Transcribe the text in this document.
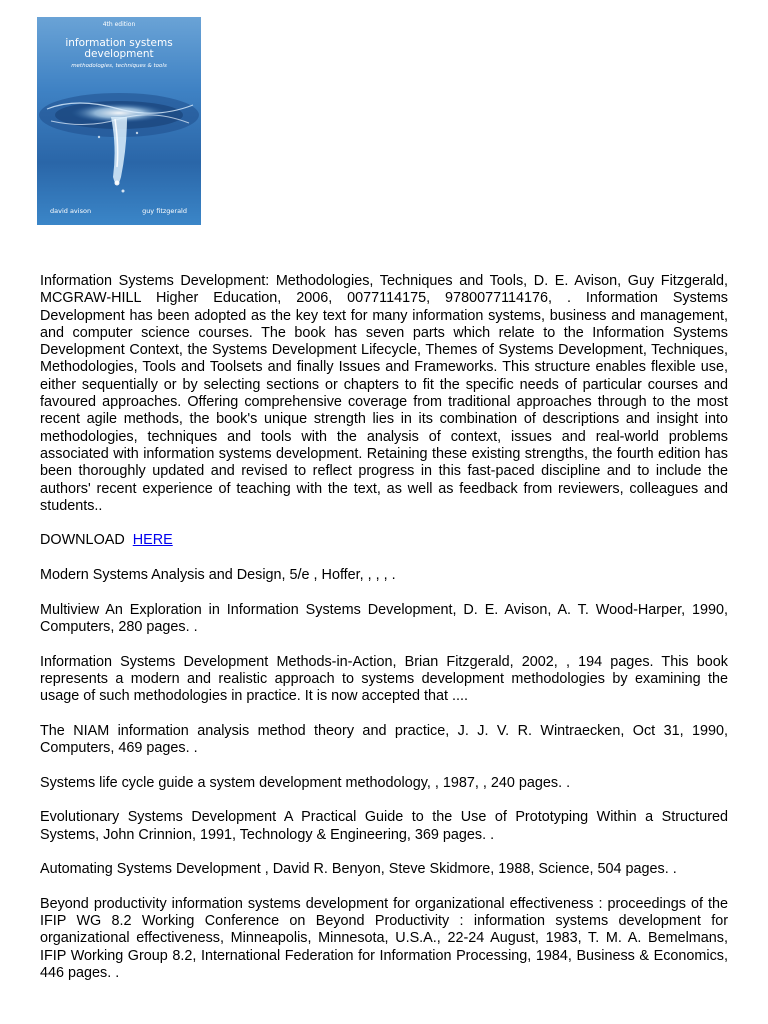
4th edition
information systems
development
methodologies, techniques & tools
david avison	guy fitzgerald

Information Systems Development: Methodologies, Techniques and Tools, D. E. Avison, Guy Fitzgerald, MCGRAW-HILL Higher Education, 2006, 0077114175, 9780077114176, . Information Systems Development has been adopted as the key text for many information systems, business and management, and computer science courses. The book has seven parts which relate to the Information Systems Development Context, the Systems Development Lifecycle, Themes of Systems Development, Techniques, Methodologies, Tools and Toolsets and finally Issues and Frameworks. This structure enables flexible use, either sequentially or by selecting sections or chapters to fit the specific needs of particular courses and favoured approaches. Offering comprehensive coverage from traditional approaches through to the most recent agile methods, the book's unique strength lies in its combination of descriptions and insight into methodologies, techniques and tools with the analysis of context, issues and real-world problems associated with information systems development. Retaining these existing strengths, the fourth edition has been thoroughly updated and revised to reflect progress in this fast-paced discipline and to include the authors' recent experience of teaching with the text, as well as feedback from reviewers, colleagues and students..

DOWNLOAD HERE

Modern Systems Analysis and Design, 5/e , Hoffer, , , , .

Multiview An Exploration in Information Systems Development, D. E. Avison, A. T. Wood-Harper, 1990, Computers, 280 pages. .

Information Systems Development Methods-in-Action, Brian Fitzgerald, 2002, , 194 pages. This book represents a modern and realistic approach to systems development methodologies by examining the usage of such methodologies in practice. It is now accepted that ....

The NIAM information analysis method theory and practice, J. J. V. R. Wintraecken, Oct 31, 1990, Computers, 469 pages. .

Systems life cycle guide a system development methodology, , 1987, , 240 pages. .

Evolutionary Systems Development A Practical Guide to the Use of Prototyping Within a Structured Systems, John Crinnion, 1991, Technology & Engineering, 369 pages. .

Automating Systems Development , David R. Benyon, Steve Skidmore, 1988, Science, 504 pages. .

Beyond productivity information systems development for organizational effectiveness : proceedings of the IFIP WG 8.2 Working Conference on Beyond Productivity : information systems development for organizational effectiveness, Minneapolis, Minnesota, U.S.A., 22-24 August, 1983, T. M. A. Bemelmans, IFIP Working Group 8.2, International Federation for Information Processing, 1984, Business & Economics, 446 pages. .
